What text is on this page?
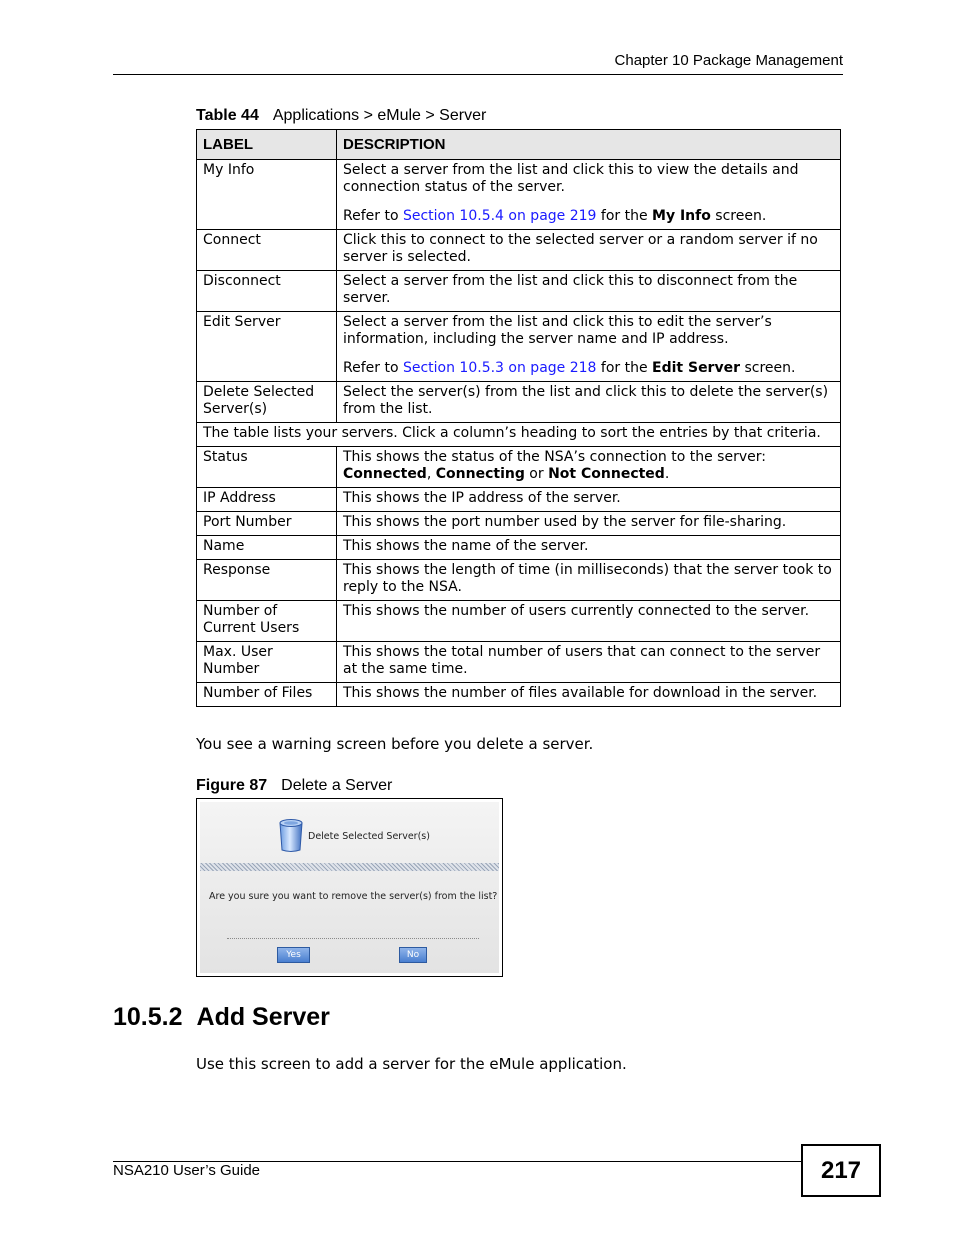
Chapter 10 Package Management
Table 44 Applications > eMule > Server
LABEL	DESCRIPTION
My Info	Select a server from the list and click this to view the details and connection status of the server.

Refer to Section 10.5.4 on page 219 for the My Info screen.

Connect	Click this to connect to the selected server or a random server if no server is selected.
Disconnect	Select a server from the list and click this to disconnect from the server.
Edit Server	Select a server from the list and click this to edit the server’s information, including the server name and IP address.

Refer to Section 10.5.3 on page 218 for the Edit Server screen.

Delete Selected Server(s)	Select the server(s) from the list and click this to delete the server(s) from the list.
The table lists your servers. Click a column’s heading to sort the entries by that criteria.	
Status	This shows the status of the NSA’s connection to the server: Connected, Connecting or Not Connected.
IP Address	This shows the IP address of the server.
Port Number	This shows the port number used by the server for file-sharing.
Name	This shows the name of the server.
Response	This shows the length of time (in milliseconds) that the server took to reply to the NSA.
Number of Current Users	This shows the number of users currently connected to the server.
Max. User Number	This shows the total number of users that can connect to the server at the same time.
Number of Files	This shows the number of files available for download in the server.
You see a warning screen before you delete a server.
Figure 87 Delete a Server
Delete Selected Server(s)
Are you sure you want to remove the server(s) from the list?
Yes	No
10.5.2 Add Server
Use this screen to add a server for the eMule application.
NSA210 User’s Guide	217
